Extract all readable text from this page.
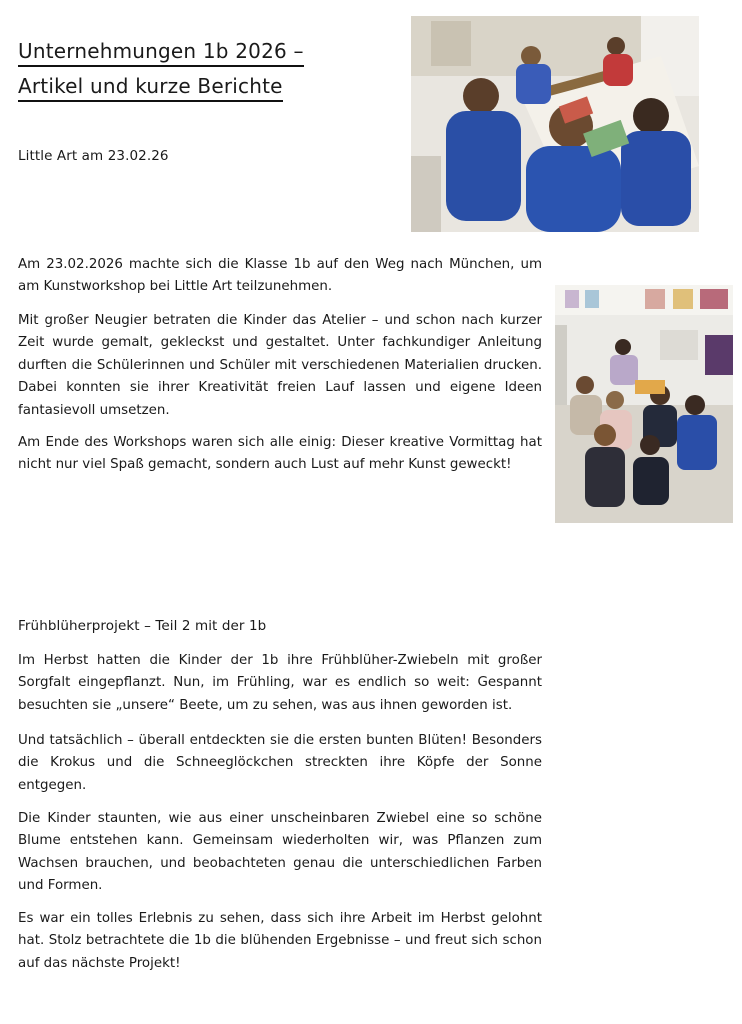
Unternehmungen 1b 2026 –
Artikel und kurze Berichte
Little Art am 23.02.26

Am 23.02.2026 machte sich die Klasse 1b auf den Weg nach München, um am Kunstworkshop bei Little Art teilzunehmen.

Mit großer Neugier betraten die Kinder das Atelier – und schon nach kurzer Zeit wurde gemalt, gekleckst und gestaltet. Unter fachkundiger Anleitung durften die Schülerinnen und Schüler mit verschiedenen Materialien drucken. Dabei konnten sie ihrer Kreativität freien Lauf lassen und eigene Ideen fantasievoll umsetzen.

Am Ende des Workshops waren sich alle einig: Dieser kreative Vormittag hat nicht nur viel Spaß gemacht, sondern auch Lust auf mehr Kunst geweckt!

Frühblüherprojekt – Teil 2 mit der 1b

Im Herbst hatten die Kinder der 1b ihre Frühblüher-Zwiebeln mit großer Sorgfalt eingepflanzt. Nun, im Frühling, war es endlich so weit: Gespannt besuchten sie „unsere“ Beete, um zu sehen, was aus ihnen geworden ist.

Und tatsächlich – überall entdeckten sie die ersten bunten Blüten! Besonders die Krokus und die Schneeglöckchen streckten ihre Köpfe der Sonne entgegen.

Die Kinder staunten, wie aus einer unscheinbaren Zwiebel eine so schöne Blume entstehen kann. Gemeinsam wiederholten wir, was Pflanzen zum Wachsen brauchen, und beobachteten genau die unterschiedlichen Farben und Formen.

Es war ein tolles Erlebnis zu sehen, dass sich ihre Arbeit im Herbst gelohnt hat. Stolz betrachtete die 1b die blühenden Ergebnisse – und freut sich schon auf das nächste Projekt!
